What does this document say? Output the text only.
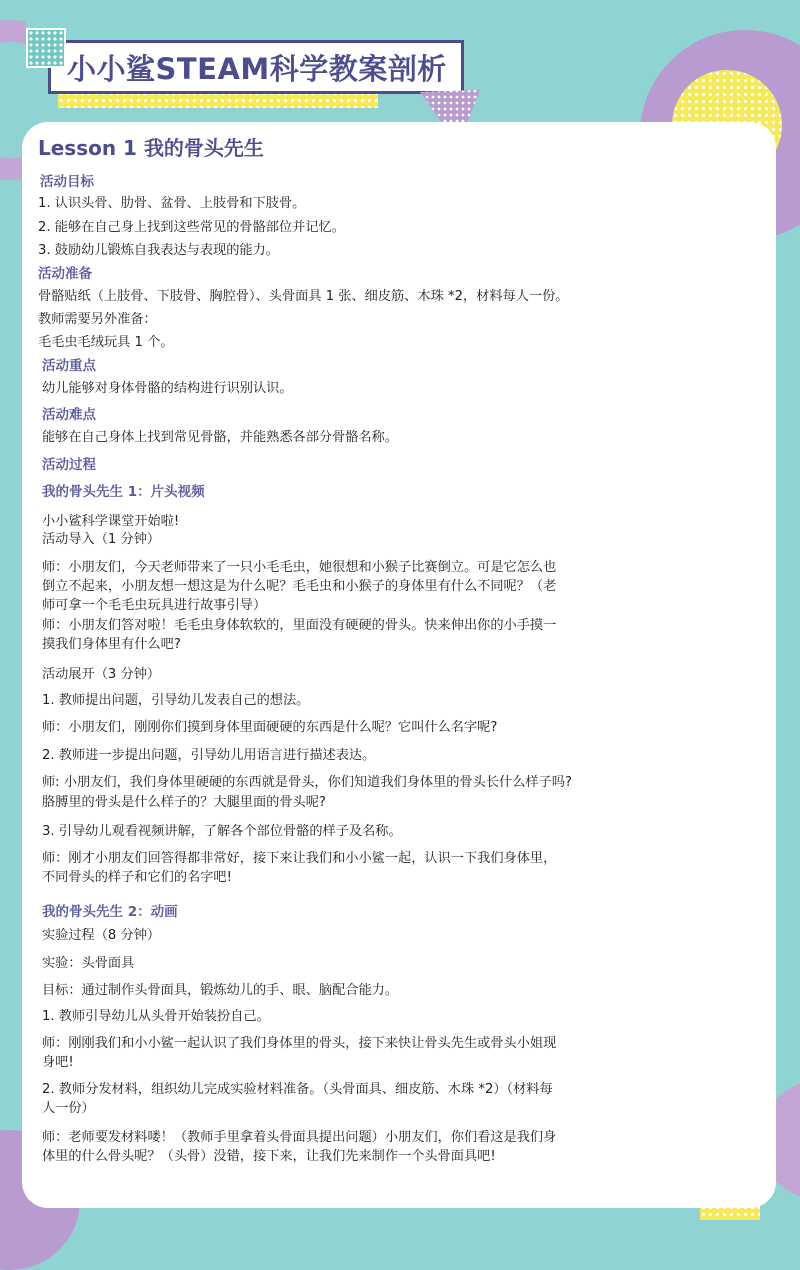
小小鲨STEAM科学教案剖析
Lesson 1 我的骨头先生
活动目标
1. 认识头骨、肋骨、盆骨、上肢骨和下肢骨。
2. 能够在自己身上找到这些常见的骨骼部位并记忆。
3. 鼓励幼儿锻炼自我表达与表现的能力。
活动准备
骨骼贴纸（上肢骨、下肢骨、胸腔骨）、头骨面具 1 张、细皮筋、木珠 *2，材料每人一份。
教师需要另外准备：
毛毛虫毛绒玩具 1 个。
活动重点
幼儿能够对身体骨骼的结构进行识别认识。
活动难点
能够在自己身体上找到常见骨骼，并能熟悉各部分骨骼名称。
活动过程
我的骨头先生 1：片头视频
小小鲨科学课堂开始啦!
活动导入（1 分钟）
师：小朋友们，今天老师带来了一只小毛毛虫，她很想和小猴子比赛倒立。可是它怎么也
倒立不起来，小朋友想一想这是为什么呢？毛毛虫和小猴子的身体里有什么不同呢？（老
师可拿一个毛毛虫玩具进行故事引导）
师：小朋友们答对啦！毛毛虫身体软软的，里面没有硬硬的骨头。快来伸出你的小手摸一
摸我们身体里有什么吧?
活动展开（3 分钟）
1. 教师提出问题，引导幼儿发表自己的想法。
师：小朋友们，刚刚你们摸到身体里面硬硬的东西是什么呢？它叫什么名字呢?
2. 教师进一步提出问题，引导幼儿用语言进行描述表达。
师: 小朋友们，我们身体里硬硬的东西就是骨头，你们知道我们身体里的骨头长什么样子吗?
胳膊里的骨头是什么样子的？大腿里面的骨头呢?
3. 引导幼儿观看视频讲解，了解各个部位骨骼的样子及名称。
师：刚才小朋友们回答得都非常好，接下来让我们和小小鲨一起，认识一下我们身体里，
不同骨头的样子和它们的名字吧!
我的骨头先生 2：动画
实验过程（8 分钟）
实验：头骨面具
目标：通过制作头骨面具，锻炼幼儿的手、眼、脑配合能力。
1. 教师引导幼儿从头骨开始装扮自己。
师：刚刚我们和小小鲨一起认识了我们身体里的骨头，接下来快让骨头先生或骨头小姐现
身吧!
2. 教师分发材料，组织幼儿完成实验材料准备。（头骨面具、细皮筋、木珠 *2）（材料每
人一份）
师：老师要发材料喽！（教师手里拿着头骨面具提出问题）小朋友们，你们看这是我们身
体里的什么骨头呢？（头骨）没错，接下来，让我们先来制作一个头骨面具吧!
